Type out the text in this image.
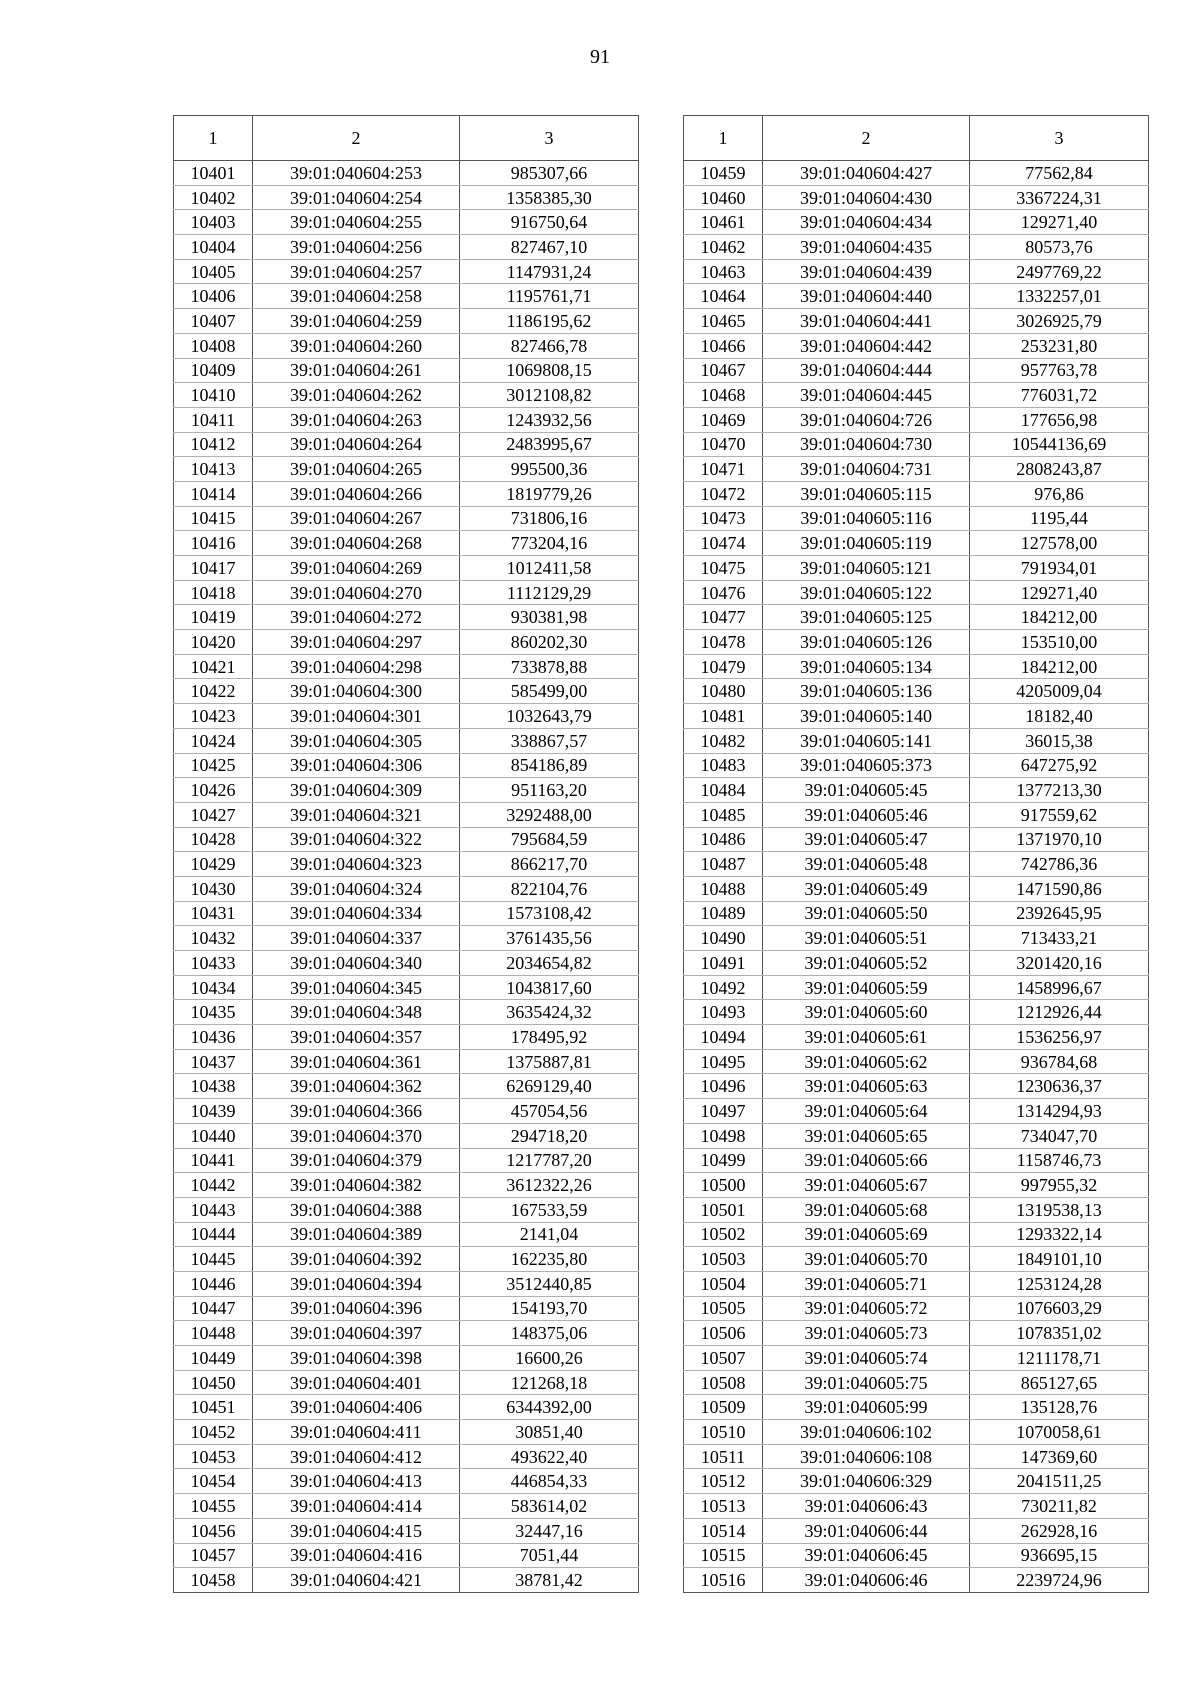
91
1	2	3
10401	39:01:040604:253	985307,66
10402	39:01:040604:254	1358385,30
10403	39:01:040604:255	916750,64
10404	39:01:040604:256	827467,10
10405	39:01:040604:257	1147931,24
10406	39:01:040604:258	1195761,71
10407	39:01:040604:259	1186195,62
10408	39:01:040604:260	827466,78
10409	39:01:040604:261	1069808,15
10410	39:01:040604:262	3012108,82
10411	39:01:040604:263	1243932,56
10412	39:01:040604:264	2483995,67
10413	39:01:040604:265	995500,36
10414	39:01:040604:266	1819779,26
10415	39:01:040604:267	731806,16
10416	39:01:040604:268	773204,16
10417	39:01:040604:269	1012411,58
10418	39:01:040604:270	1112129,29
10419	39:01:040604:272	930381,98
10420	39:01:040604:297	860202,30
10421	39:01:040604:298	733878,88
10422	39:01:040604:300	585499,00
10423	39:01:040604:301	1032643,79
10424	39:01:040604:305	338867,57
10425	39:01:040604:306	854186,89
10426	39:01:040604:309	951163,20
10427	39:01:040604:321	3292488,00
10428	39:01:040604:322	795684,59
10429	39:01:040604:323	866217,70
10430	39:01:040604:324	822104,76
10431	39:01:040604:334	1573108,42
10432	39:01:040604:337	3761435,56
10433	39:01:040604:340	2034654,82
10434	39:01:040604:345	1043817,60
10435	39:01:040604:348	3635424,32
10436	39:01:040604:357	178495,92
10437	39:01:040604:361	1375887,81
10438	39:01:040604:362	6269129,40
10439	39:01:040604:366	457054,56
10440	39:01:040604:370	294718,20
10441	39:01:040604:379	1217787,20
10442	39:01:040604:382	3612322,26
10443	39:01:040604:388	167533,59
10444	39:01:040604:389	2141,04
10445	39:01:040604:392	162235,80
10446	39:01:040604:394	3512440,85
10447	39:01:040604:396	154193,70
10448	39:01:040604:397	148375,06
10449	39:01:040604:398	16600,26
10450	39:01:040604:401	121268,18
10451	39:01:040604:406	6344392,00
10452	39:01:040604:411	30851,40
10453	39:01:040604:412	493622,40
10454	39:01:040604:413	446854,33
10455	39:01:040604:414	583614,02
10456	39:01:040604:415	32447,16
10457	39:01:040604:416	7051,44
10458	39:01:040604:421	38781,42
1	2	3
10459	39:01:040604:427	77562,84
10460	39:01:040604:430	3367224,31
10461	39:01:040604:434	129271,40
10462	39:01:040604:435	80573,76
10463	39:01:040604:439	2497769,22
10464	39:01:040604:440	1332257,01
10465	39:01:040604:441	3026925,79
10466	39:01:040604:442	253231,80
10467	39:01:040604:444	957763,78
10468	39:01:040604:445	776031,72
10469	39:01:040604:726	177656,98
10470	39:01:040604:730	10544136,69
10471	39:01:040604:731	2808243,87
10472	39:01:040605:115	976,86
10473	39:01:040605:116	1195,44
10474	39:01:040605:119	127578,00
10475	39:01:040605:121	791934,01
10476	39:01:040605:122	129271,40
10477	39:01:040605:125	184212,00
10478	39:01:040605:126	153510,00
10479	39:01:040605:134	184212,00
10480	39:01:040605:136	4205009,04
10481	39:01:040605:140	18182,40
10482	39:01:040605:141	36015,38
10483	39:01:040605:373	647275,92
10484	39:01:040605:45	1377213,30
10485	39:01:040605:46	917559,62
10486	39:01:040605:47	1371970,10
10487	39:01:040605:48	742786,36
10488	39:01:040605:49	1471590,86
10489	39:01:040605:50	2392645,95
10490	39:01:040605:51	713433,21
10491	39:01:040605:52	3201420,16
10492	39:01:040605:59	1458996,67
10493	39:01:040605:60	1212926,44
10494	39:01:040605:61	1536256,97
10495	39:01:040605:62	936784,68
10496	39:01:040605:63	1230636,37
10497	39:01:040605:64	1314294,93
10498	39:01:040605:65	734047,70
10499	39:01:040605:66	1158746,73
10500	39:01:040605:67	997955,32
10501	39:01:040605:68	1319538,13
10502	39:01:040605:69	1293322,14
10503	39:01:040605:70	1849101,10
10504	39:01:040605:71	1253124,28
10505	39:01:040605:72	1076603,29
10506	39:01:040605:73	1078351,02
10507	39:01:040605:74	1211178,71
10508	39:01:040605:75	865127,65
10509	39:01:040605:99	135128,76
10510	39:01:040606:102	1070058,61
10511	39:01:040606:108	147369,60
10512	39:01:040606:329	2041511,25
10513	39:01:040606:43	730211,82
10514	39:01:040606:44	262928,16
10515	39:01:040606:45	936695,15
10516	39:01:040606:46	2239724,96
